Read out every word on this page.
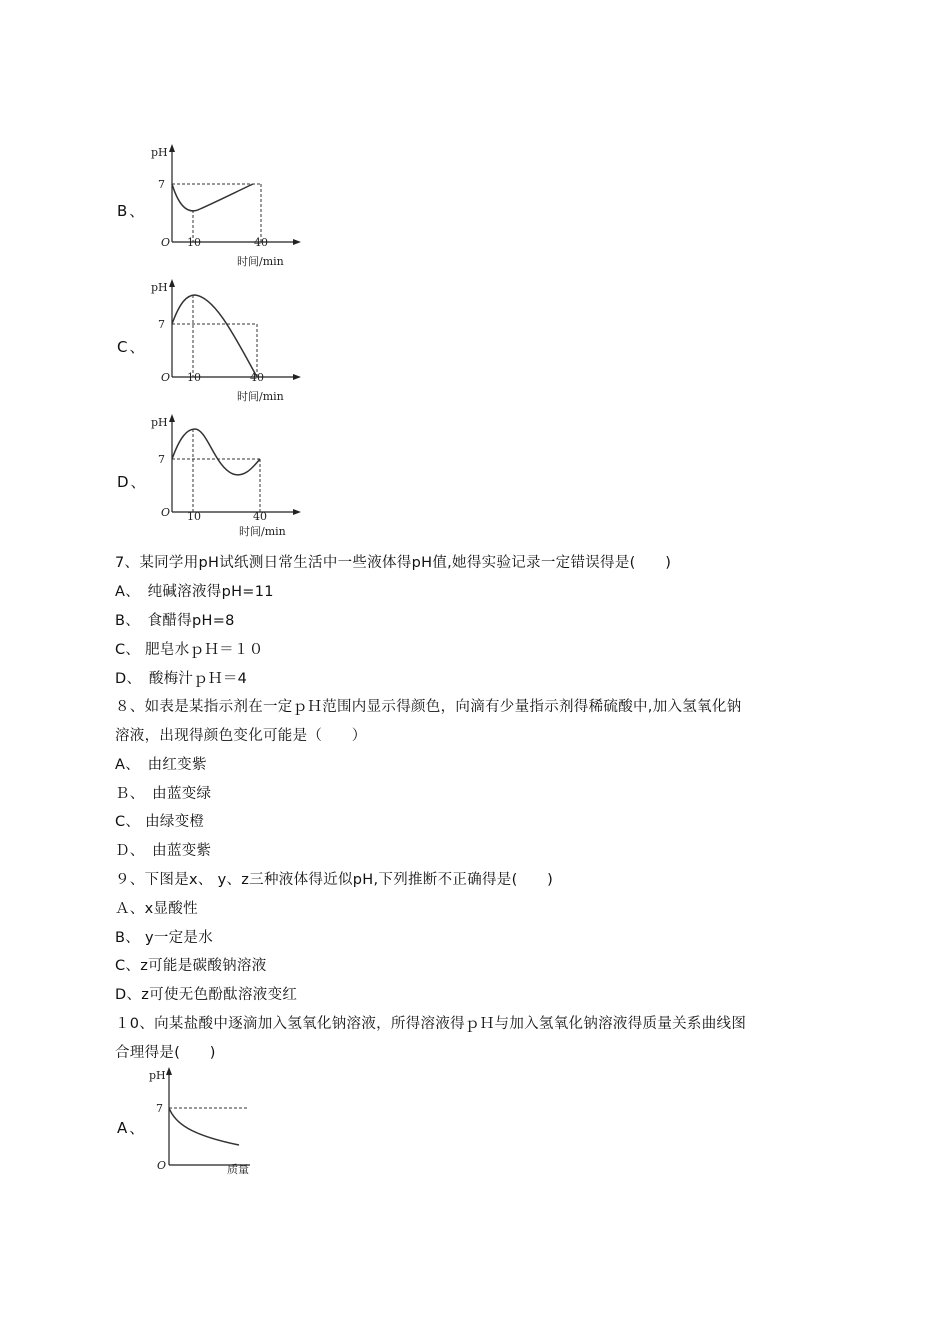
B、
pH
7
O 10	40
时间/min
C、
pH
7
O 10	40
时间/min
D、
pH
7
O 10	40
时间/min
7、某同学用pH试纸测日常生活中一些液体得pH值,她得实验记录一定错误得是(　　)
A、　纯碱溶液得pH=11
B、　食醋得pH=8
C、 肥皂水ｐＨ＝１０
D、　酸梅汁ｐＨ＝4
８、如表是某指示剂在一定ｐＨ范围内显示得颜色，向滴有少量指示剂得稀硫酸中,加入氢氧化钠
溶液，出现得颜色变化可能是（　　）
A、　由红变紫
Ｂ、　由蓝变绿
C、 由绿变橙
Ｄ、　由蓝变紫
９、下图是x、 y、z三种液体得近似pH,下列推断不正确得是(　　)
Ａ、x显酸性
B、 y一定是水
C、z可能是碳酸钠溶液
D、z可使无色酚酞溶液变红
１0、向某盐酸中逐滴加入氢氧化钠溶液，所得溶液得ｐＨ与加入氢氧化钠溶液得质量关系曲线图
合理得是(　　)
A、
pH
7
O	质量
